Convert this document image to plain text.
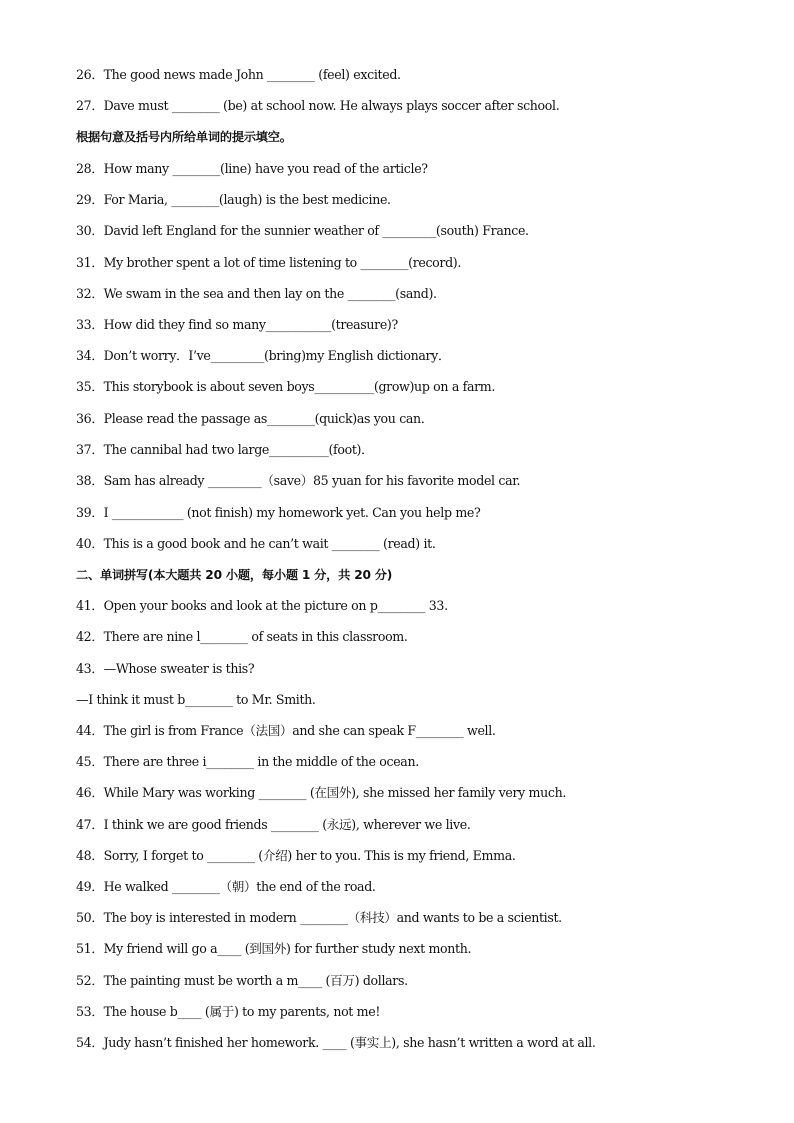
26．The good news made John ________ (feel) excited.
27．Dave must ________ (be) at school now. He always plays soccer after school.
根据句意及括号内所给单词的提示填空。
28．How many ________(line) have you read of the article?
29．For Maria, ________(laugh) is the best medicine.
30．David left England for the sunnier weather of _________(south) France.
31．My brother spent a lot of time listening to ________(record).
32．We swam in the sea and then lay on the ________(sand).
33．How did they find so many___________(treasure)?
34．Don’t worry．I’ve_________(bring)my English dictionary．
35．This storybook is about seven boys__________(grow)up on a farm.
36．Please read the passage as________(quick)as you can．
37．The cannibal had two large__________(foot)．
38．Sam has already _________（save）85 yuan for his favorite model car.
39．I ____________ (not finish) my homework yet. Can you help me?
40．This is a good book and he can’t wait ________ (read) it.
二、单词拼写(本大题共 20 小题，每小题 1 分，共 20 分)
41．Open your books and look at the picture on p________ 33.
42．There are nine l________ of seats in this classroom.
43．—Whose sweater is this?
—I think it must b________ to Mr. Smith.
44．The girl is from France（法国）and she can speak F________ well.
45．There are three i________ in the middle of the ocean.
46．While Mary was working ________ (在国外), she missed her family very much.
47．I think we are good friends ________ (永远), wherever we live.
48．Sorry, I forget to ________ (介绍) her to you. This is my friend, Emma.
49．He walked ________（朝）the end of the road.
50．The boy is interested in modern ________（科技）and wants to be a scientist.
51．My friend will go a____ (到国外) for further study next month.
52．The painting must be worth a m____ (百万) dollars.
53．The house b____ (属于) to my parents, not me!
54．Judy hasn’t finished her homework. ____ (事实上), she hasn’t written a word at all.
